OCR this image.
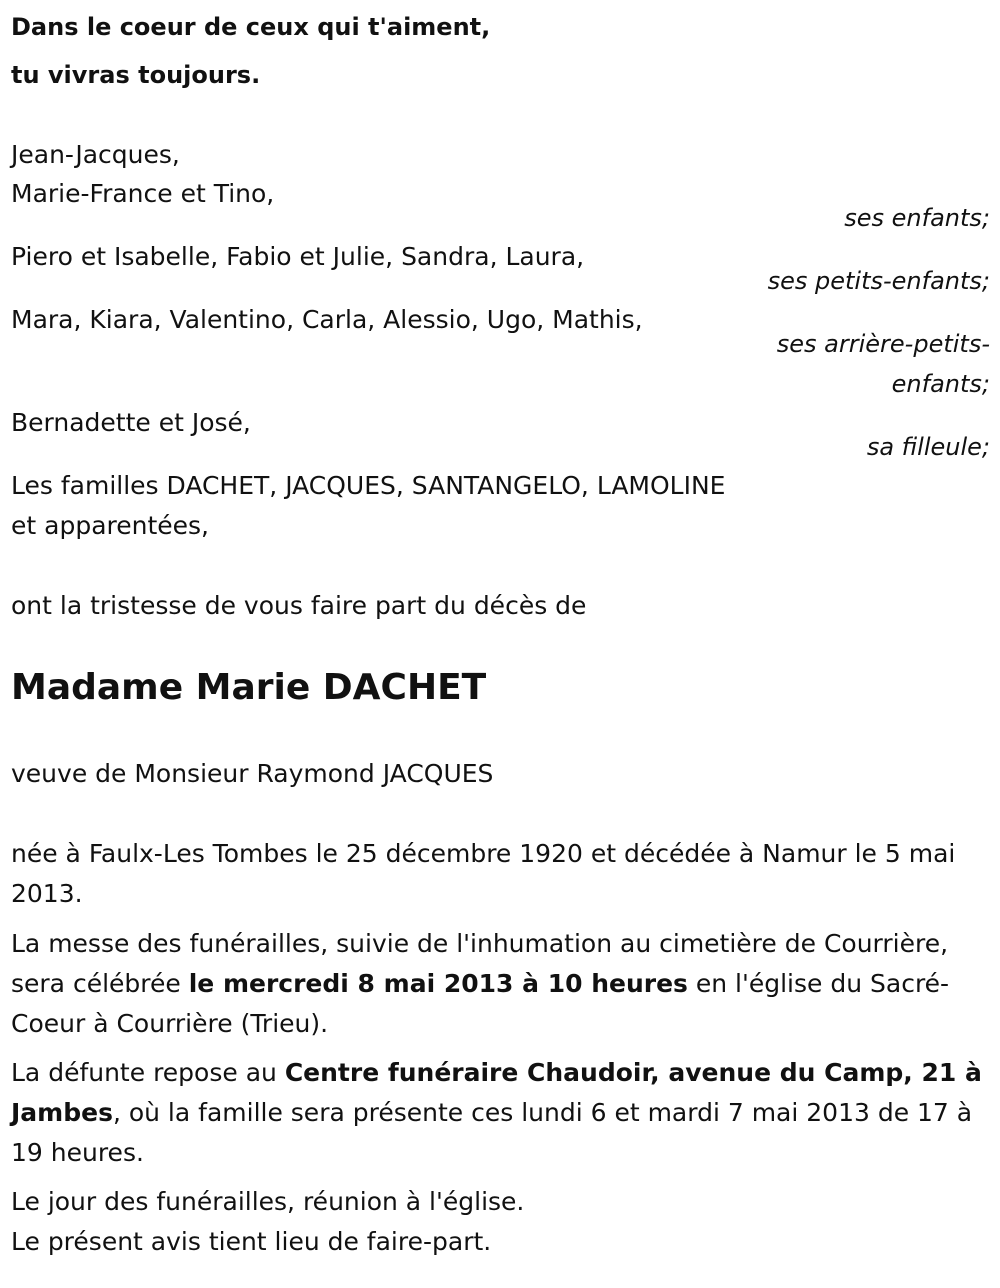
Dans le coeur de ceux qui t'aiment,
tu vivras toujours.
Jean-Jacques,
Marie-France et Tino,
ses enfants;
Piero et Isabelle, Fabio et Julie, Sandra, Laura,
ses petits-enfants;
Mara, Kiara, Valentino, Carla, Alessio, Ugo, Mathis,
ses arrière-petits-
enfants;
Bernadette et José,
sa filleule;
Les familles DACHET, JACQUES, SANTANGELO, LAMOLINE
et apparentées,
ont la tristesse de vous faire part du décès de
Madame Marie DACHET
veuve de Monsieur Raymond JACQUES
née à Faulx-Les Tombes le 25 décembre 1920 et décédée à Namur le 5 mai 2013.
La messe des funérailles, suivie de l'inhumation au cimetière de Courrière, sera célébrée le mercredi 8 mai 2013 à 10 heures en l'église du Sacré-Coeur à Courrière (Trieu).
La défunte repose au Centre funéraire Chaudoir, avenue du Camp, 21 à Jambes, où la famille sera présente ces lundi 6 et mardi 7 mai 2013 de 17 à 19 heures.
Le jour des funérailles, réunion à l'église.
Le présent avis tient lieu de faire-part.
